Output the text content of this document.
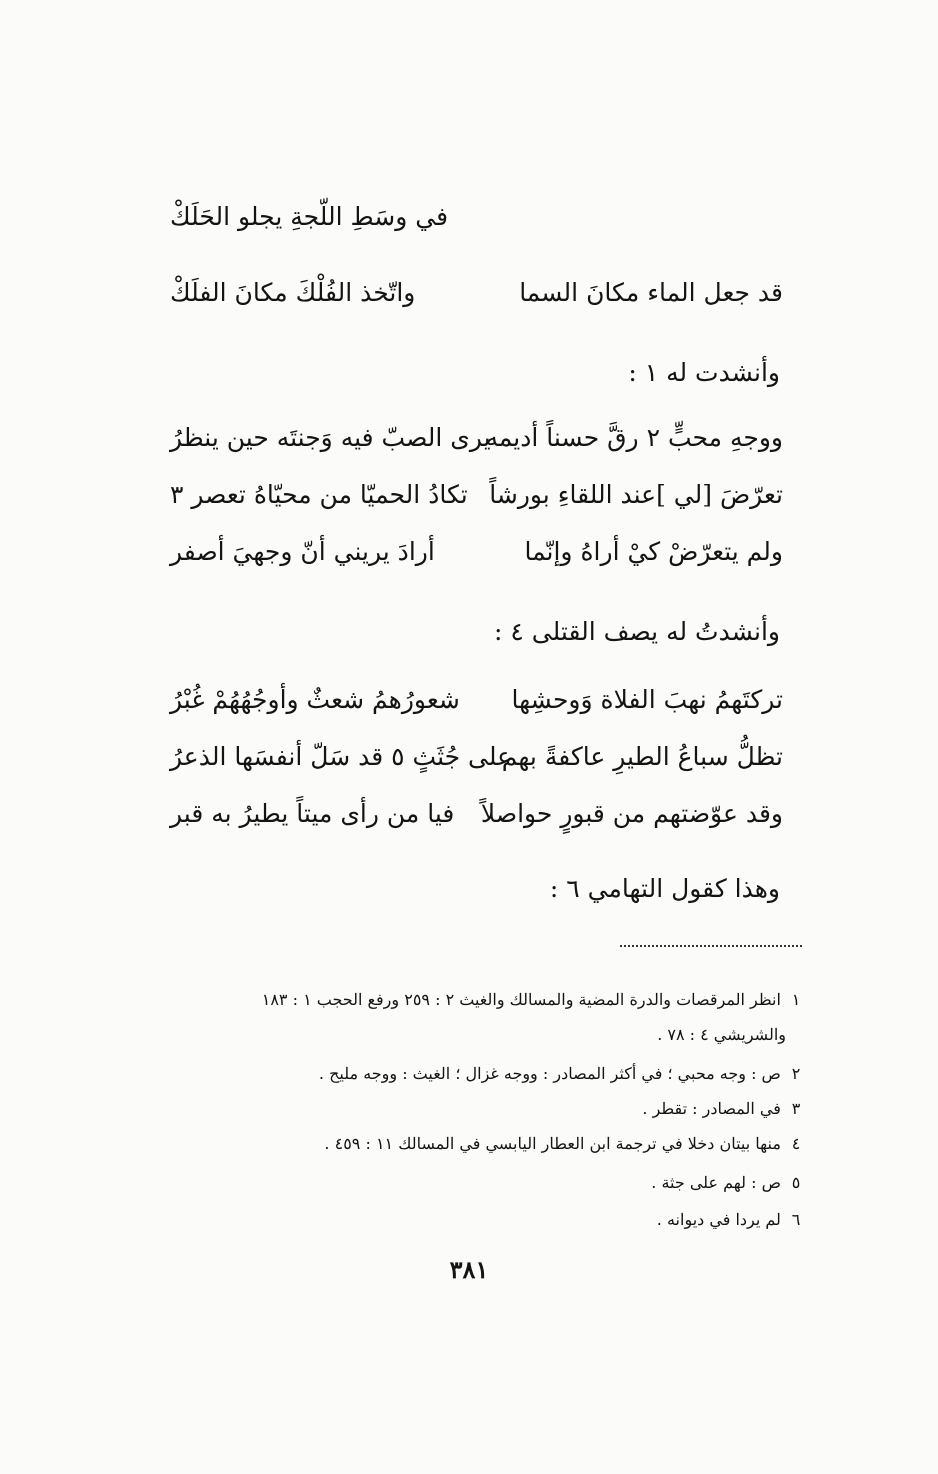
في وسَطِ اللّجةِ يجلو الحَلَكْ
قد جعل الماء مكانَ السما
واتّخذ الفُلْكَ مكانَ الفلَكْ
وأنشدت له ١ :
ووجهِ محبٍّ ٢ رقَّ حسناً أديمه
يرى الصبّ فيه وَجنتَه حين ينظرُ
تعرّضَ [لي ]عند اللقاءِ بورشاً
تكادُ الحميّا من محيّاهُ تعصر ٣
ولم يتعرّضْ كيْ أراهُ وإنّما
أرادَ يريني أنّ وجهيَ أصفر
وأنشدتُ له يصف القتلى ٤ :
تركتَهمُ نهبَ الفلاة وَوحشِها
شعورُهمُ شعثٌ وأوجُهُهُمْ غُبْرُ
تظلُّ سباعُ الطيرِ عاكفةً بهم
على جُثَثٍ ٥ قد سَلّ أنفسَها الذعرُ
وقد عوّضتهم من قبورٍ حواصلاً
فيا من رأى ميتاً يطيرُ به قبر
وهذا كقول التهامي ٦ :
١ انظر المرقصات والدرة المضية والمسالك والغيث ٢ : ٢٥٩ ورفع الحجب ١ : ١٨٣
والشريشي ٤ : ٧٨ .
٢ ص : وجه محبي ؛ في أكثر المصادر : ووجه غزال ؛ الغيث : ووجه مليح .
٣ في المصادر : تقطر .
٤ منها بيتان دخلا في ترجمة ابن العطار اليابسي في المسالك ١١ : ٤٥٩ .
٥ ص : لهم على جثة .
٦ لم يردا في ديوانه .
٣٨١
